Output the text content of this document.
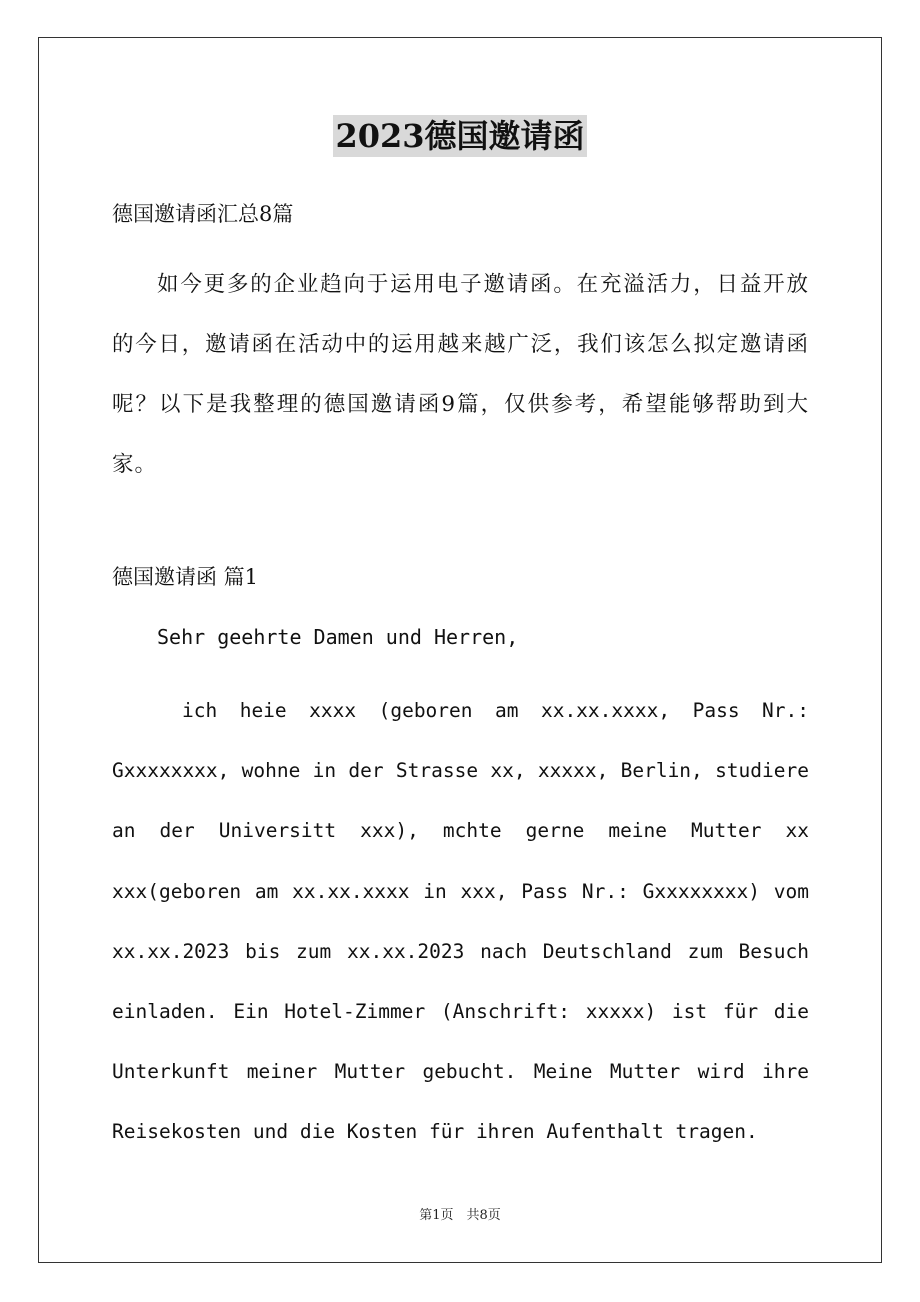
2023德国邀请函
德国邀请函汇总8篇

如今更多的企业趋向于运用电子邀请函。在充溢活力，日益开放的今日，邀请函在活动中的运用越来越广泛，我们该怎么拟定邀请函呢？以下是我整理的德国邀请函9篇，仅供参考，希望能够帮助到大家。

德国邀请函 篇1
Sehr geehrte Damen und Herren,

ich heie xxxx (geboren am xx.xx.xxxx, Pass Nr.: Gxxxxxxxx, wohne in der Strasse xx, xxxxx, Berlin, studiere an der Universitt xxx), mchte gerne meine Mutter xx xxx(geboren am xx.xx.xxxx in xxx, Pass Nr.: Gxxxxxxxx) vom xx.xx.2023 bis zum xx.xx.2023 nach Deutschland zum Besuch einladen. Ein Hotel-Zimmer (Anschrift: xxxxx) ist für die Unterkunft meiner Mutter gebucht. Meine Mutter wird ihre Reisekosten und die Kosten für ihren Aufenthalt tragen.

第1页　共8页
